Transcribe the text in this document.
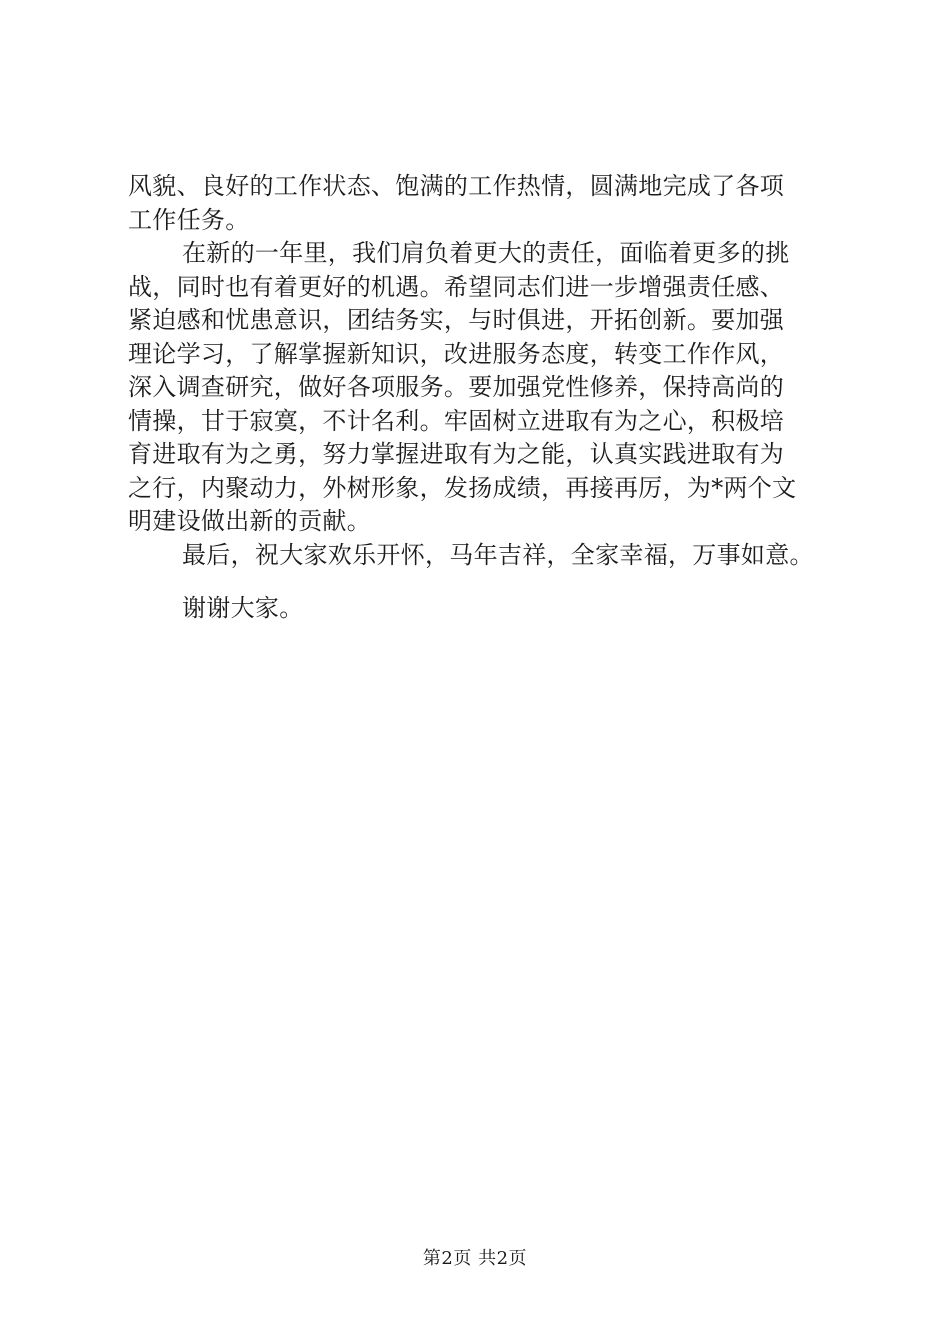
风貌、良好的工作状态、饱满的工作热情，圆满地完成了各项
工作任务。
在新的一年里，我们肩负着更大的责任，面临着更多的挑
战，同时也有着更好的机遇。希望同志们进一步增强责任感、
紧迫感和忧患意识，团结务实，与时俱进，开拓创新。要加强
理论学习，了解掌握新知识，改进服务态度，转变工作作风，
深入调查研究，做好各项服务。要加强党性修养，保持高尚的
情操，甘于寂寞，不计名利。牢固树立进取有为之心，积极培
育进取有为之勇，努力掌握进取有为之能，认真实践进取有为
之行，内聚动力，外树形象，发扬成绩，再接再厉，为*两个文
明建设做出新的贡献。
最后，祝大家欢乐开怀，马年吉祥，全家幸福，万事如意。
谢谢大家。
第2页 共2页
